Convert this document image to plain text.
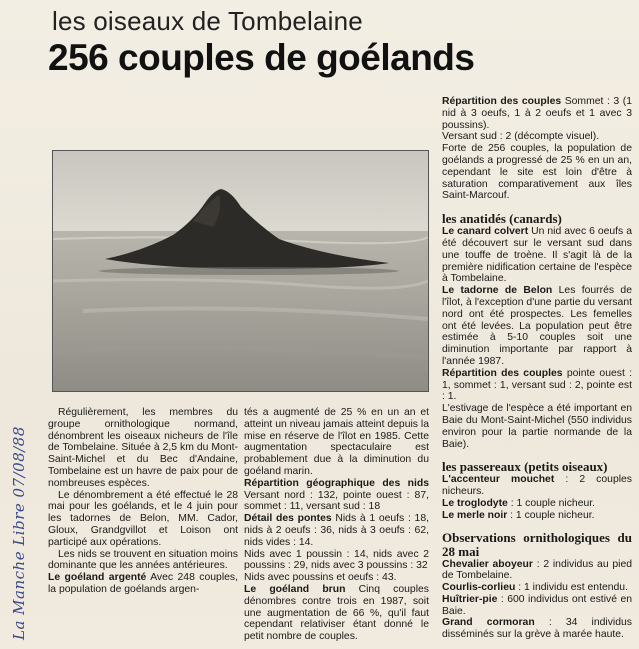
les oiseaux de Tombelaine
256 couples de goélands

Régulièrement, les membres du groupe ornithologique normand, dénombrent les oiseaux nicheurs de l'île de Tombelaine. Située à 2,5 km du Mont-Saint-Michel et du Bec d'Andaine, Tombelaine est un havre de paix pour de nombreuses espèces.

Le dénombrement a été effectué le 28 mai pour les goélands, et le 4 juin pour les tadornes de Belon, MM. Cador, Gloux, Grandgvillot et Loison ont participé aux opérations.

Les nids se trouvent en situation moins dominante que les années antérieures.

Le goéland argenté Avec 248 couples, la population de goélands argen-

tés a augmenté de 25 % en un an et atteint un niveau jamais atteint depuis la mise en réserve de l'îlot en 1985. Cette augmentation spectaculaire est probablement due à la diminution du goéland marin.

Répartition géographique des nids Versant nord : 132, pointe ouest : 87, sommet : 11, versant sud : 18

Détail des pontes Nids à 1 oeufs : 18, nids à 2 oeufs : 36, nids à 3 oeufs : 62, nids vides : 14.

Nids avec 1 poussin : 14, nids avec 2 poussins : 29, nids avec 3 poussins : 32

Nids avec poussins et oeufs : 43.

Le goéland brun Cinq couples dénombres contre trois en 1987, soit une augmentation de 66 %, qu'il faut cependant relativiser étant donné le petit nombre de couples.

Répartition des couples Sommet : 3 (1 nid à 3 oeufs, 1 à 2 oeufs et 1 avec 3 poussins).

Versant sud : 2 (décompte visuel).

Forte de 256 couples, la population de goélands a progressé de 25 % en un an, cependant le site est loin d'être à saturation comparativement aux îles Saint-Marcouf.

les anatidés (canards)

Le canard colvert Un nid avec 6 oeufs a été découvert sur le versant sud dans une touffe de troène. Il s'agit là de la première nidification certaine de l'espèce à Tombelaine.

Le tadorne de Belon Les fourrés de l'îlot, à l'exception d'une partie du versant nord ont été prospectes. Les femelles ont été levées. La population peut être estimée à 5-10 couples soit une diminution importante par rapport à l'année 1987.

Répartition des couples pointe ouest : 1, sommet : 1, versant sud : 2, pointe est : 1.

L'estivage de l'espèce a été important en Baie du Mont-Saint-Michel (550 individus environ pour la partie normande de la Baie).

les passereaux (petits oiseaux)

L'accenteur mouchet : 2 couples nicheurs.

Le troglodyte : 1 couple nicheur.

Le merle noir : 1 couple nicheur.

Observations ornithologiques du 28 mai

Chevalier aboyeur : 2 individus au pied de Tombelaine.

Courlis-corlieu : 1 individu est entendu.

Huîtrier-pie : 600 individus ont estivé en Baie.

Grand cormoran : 34 individus disséminés sur la grève à marée haute.

La Manche Libre 07/08/88
